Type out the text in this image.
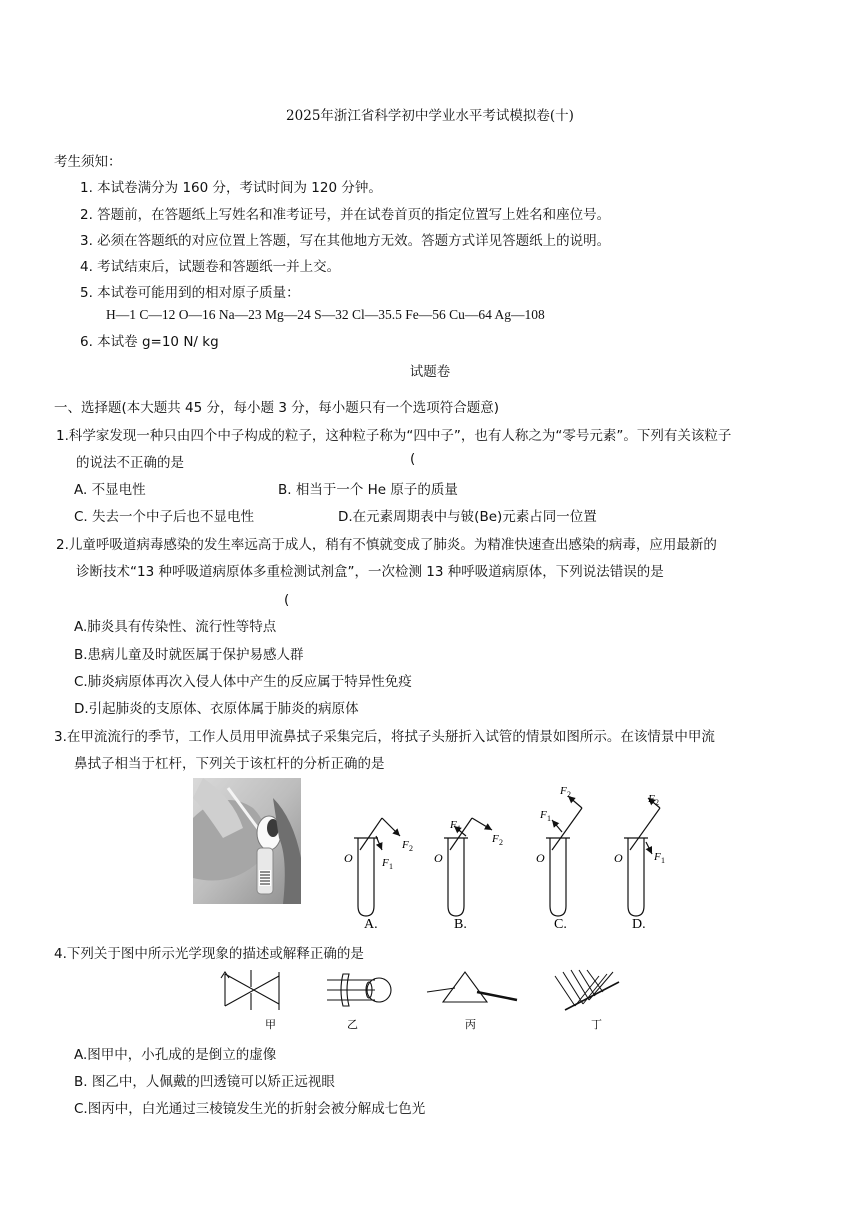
2025年浙江省科学初中学业水平考试模拟卷(十)
考生须知：
1. 本试卷满分为 160 分，考试时间为 120 分钟。
2. 答题前，在答题纸上写姓名和准考证号，并在试卷首页的指定位置写上姓名和座位号。
3. 必须在答题纸的对应位置上答题，写在其他地方无效。答题方式详见答题纸上的说明。
4. 考试结束后，试题卷和答题纸一并上交。
5. 本试卷可能用到的相对原子质量：
H—1 C—12 O—16 Na—23 Mg—24 S—32 Cl—35.5 Fe—56 Cu—64 Ag—108
6. 本试卷 g=10 N/ kg
试题卷
一、选择题(本大题共 45 分，每小题 3 分，每小题只有一个选项符合题意)
1.科学家发现一种只由四个中子构成的粒子，这种粒子称为“四中子”，也有人称之为“零号元素”。下列有关该粒子
的说法不正确的是	(
A. 不显电性	B. 相当于一个 He 原子的质量
C. 失去一个中子后也不显电性	D.在元素周期表中与铍(Be)元素占同一位置
2.儿童呼吸道病毒感染的发生率远高于成人，稍有不慎就变成了肺炎。为精准快速查出感染的病毒，应用最新的
诊断技术“13 种呼吸道病原体多重检测试剂盒”，一次检测 13 种呼吸道病原体，下列说法错误的是
(
A.肺炎具有传染性、流行性等特点
B.患病儿童及时就医属于保护易感人群
C.肺炎病原体再次入侵人体中产生的反应属于特异性免疫
D.引起肺炎的支原体、衣原体属于肺炎的病原体
3.在甲流流行的季节，工作人员用甲流鼻拭子采集完后，将拭子头掰折入试管的情景如图所示。在该情景中甲流
鼻拭子相当于杠杆，下列关于该杠杆的分析正确的是
O
F 2
F 1
A.
O
F 1
F 2
B.
O
F 1
F 2
C.
O
F 2
F 1
D.
4.下列关于图中所示光学现象的描述或解释正确的是
甲	乙	丙	丁
A.图甲中，小孔成的是倒立的虚像
B. 图乙中，人佩戴的凹透镜可以矫正远视眼
C.图丙中，白光通过三棱镜发生光的折射会被分解成七色光
